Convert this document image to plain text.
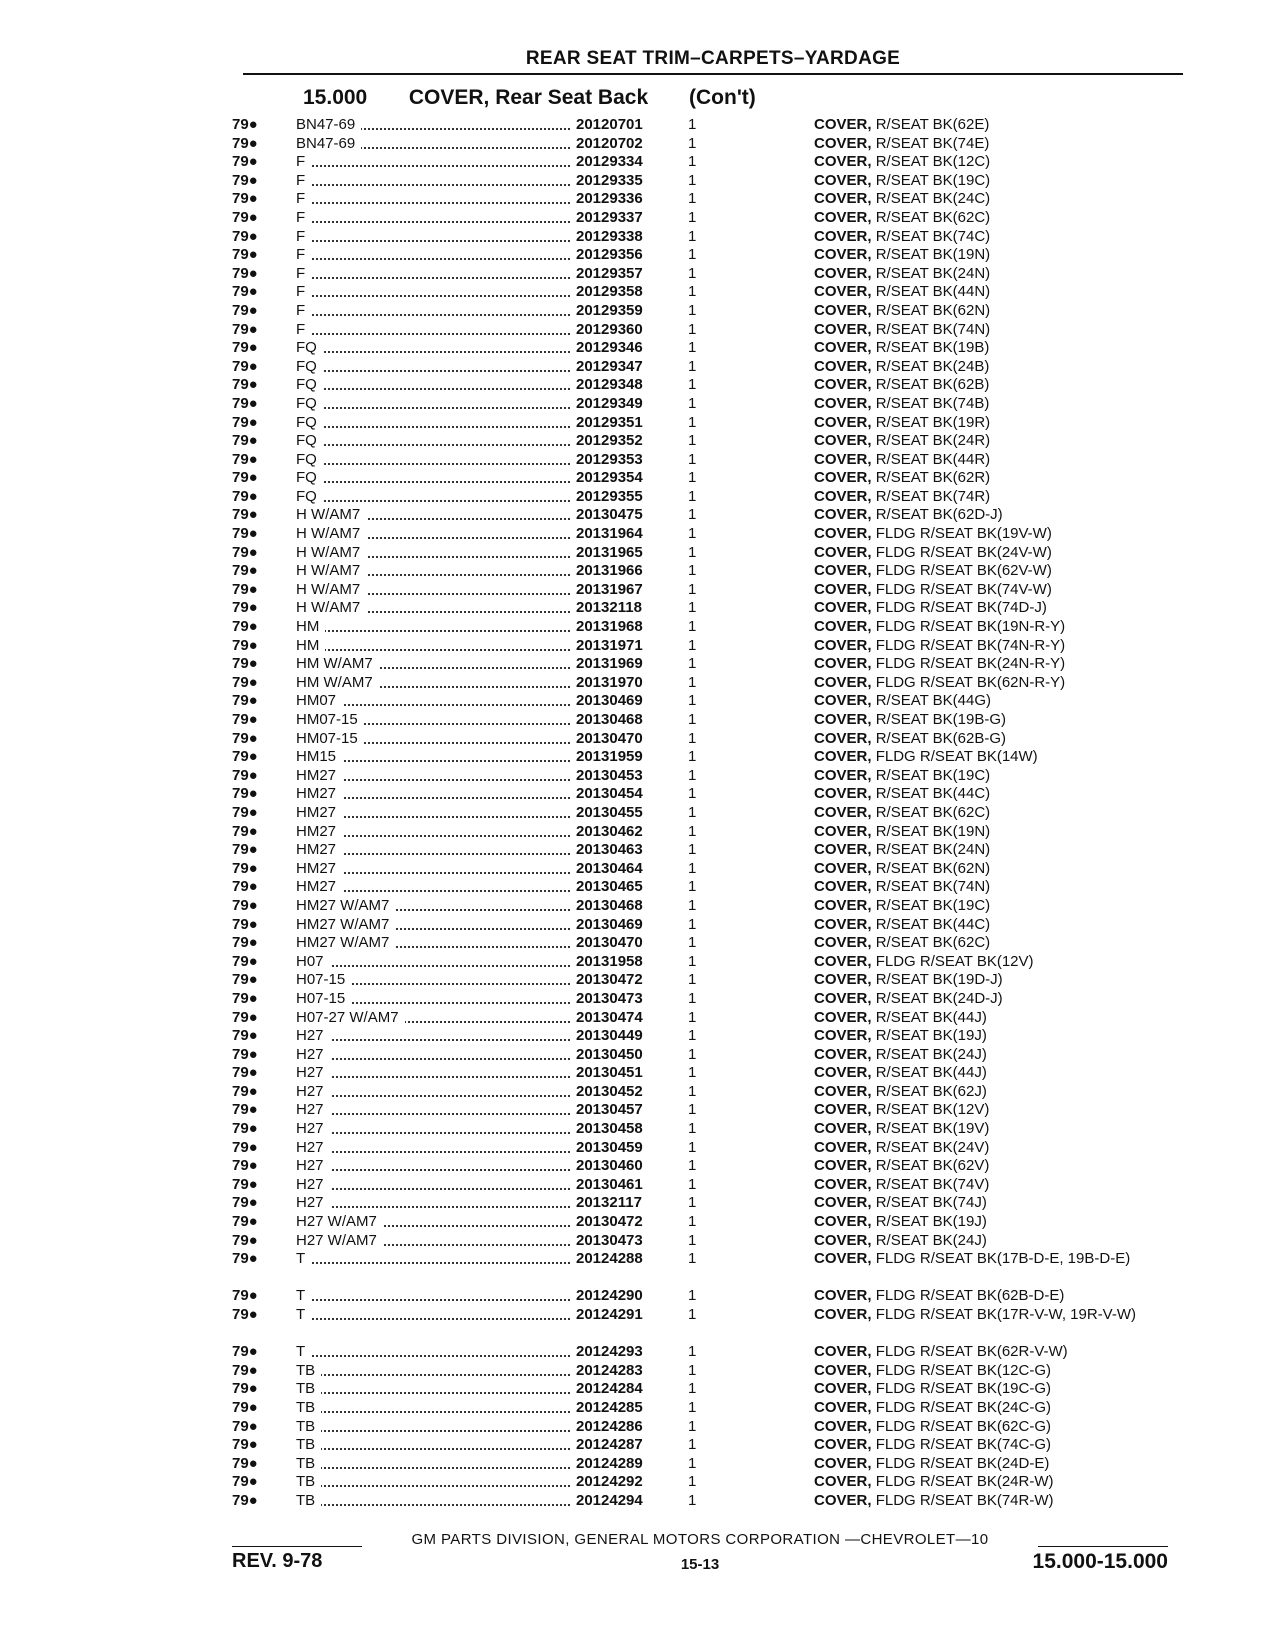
REAR SEAT TRIM–CARPETS–YARDAGE
15.000 COVER, Rear Seat Back (Con't)
79●	BN47-69	20120701	1	COVER, R/SEAT BK(62E)
79●	BN47-69	20120702	1	COVER, R/SEAT BK(74E)
79●	F	20129334	1	COVER, R/SEAT BK(12C)
79●	F	20129335	1	COVER, R/SEAT BK(19C)
79●	F	20129336	1	COVER, R/SEAT BK(24C)
79●	F	20129337	1	COVER, R/SEAT BK(62C)
79●	F	20129338	1	COVER, R/SEAT BK(74C)
79●	F	20129356	1	COVER, R/SEAT BK(19N)
79●	F	20129357	1	COVER, R/SEAT BK(24N)
79●	F	20129358	1	COVER, R/SEAT BK(44N)
79●	F	20129359	1	COVER, R/SEAT BK(62N)
79●	F	20129360	1	COVER, R/SEAT BK(74N)
79●	FQ	20129346	1	COVER, R/SEAT BK(19B)
79●	FQ	20129347	1	COVER, R/SEAT BK(24B)
79●	FQ	20129348	1	COVER, R/SEAT BK(62B)
79●	FQ	20129349	1	COVER, R/SEAT BK(74B)
79●	FQ	20129351	1	COVER, R/SEAT BK(19R)
79●	FQ	20129352	1	COVER, R/SEAT BK(24R)
79●	FQ	20129353	1	COVER, R/SEAT BK(44R)
79●	FQ	20129354	1	COVER, R/SEAT BK(62R)
79●	FQ	20129355	1	COVER, R/SEAT BK(74R)
79●	H W/AM7	20130475	1	COVER, R/SEAT BK(62D-J)
79●	H W/AM7	20131964	1	COVER, FLDG R/SEAT BK(19V-W)
79●	H W/AM7	20131965	1	COVER, FLDG R/SEAT BK(24V-W)
79●	H W/AM7	20131966	1	COVER, FLDG R/SEAT BK(62V-W)
79●	H W/AM7	20131967	1	COVER, FLDG R/SEAT BK(74V-W)
79●	H W/AM7	20132118	1	COVER, FLDG R/SEAT BK(74D-J)
79●	HM	20131968	1	COVER, FLDG R/SEAT BK(19N-R-Y)
79●	HM	20131971	1	COVER, FLDG R/SEAT BK(74N-R-Y)
79●	HM W/AM7	20131969	1	COVER, FLDG R/SEAT BK(24N-R-Y)
79●	HM W/AM7	20131970	1	COVER, FLDG R/SEAT BK(62N-R-Y)
79●	HM07	20130469	1	COVER, R/SEAT BK(44G)
79●	HM07-15	20130468	1	COVER, R/SEAT BK(19B-G)
79●	HM07-15	20130470	1	COVER, R/SEAT BK(62B-G)
79●	HM15	20131959	1	COVER, FLDG R/SEAT BK(14W)
79●	HM27	20130453	1	COVER, R/SEAT BK(19C)
79●	HM27	20130454	1	COVER, R/SEAT BK(44C)
79●	HM27	20130455	1	COVER, R/SEAT BK(62C)
79●	HM27	20130462	1	COVER, R/SEAT BK(19N)
79●	HM27	20130463	1	COVER, R/SEAT BK(24N)
79●	HM27	20130464	1	COVER, R/SEAT BK(62N)
79●	HM27	20130465	1	COVER, R/SEAT BK(74N)
79●	HM27 W/AM7	20130468	1	COVER, R/SEAT BK(19C)
79●	HM27 W/AM7	20130469	1	COVER, R/SEAT BK(44C)
79●	HM27 W/AM7	20130470	1	COVER, R/SEAT BK(62C)
79●	H07	20131958	1	COVER, FLDG R/SEAT BK(12V)
79●	H07-15	20130472	1	COVER, R/SEAT BK(19D-J)
79●	H07-15	20130473	1	COVER, R/SEAT BK(24D-J)
79●	H07-27 W/AM7	20130474	1	COVER, R/SEAT BK(44J)
79●	H27	20130449	1	COVER, R/SEAT BK(19J)
79●	H27	20130450	1	COVER, R/SEAT BK(24J)
79●	H27	20130451	1	COVER, R/SEAT BK(44J)
79●	H27	20130452	1	COVER, R/SEAT BK(62J)
79●	H27	20130457	1	COVER, R/SEAT BK(12V)
79●	H27	20130458	1	COVER, R/SEAT BK(19V)
79●	H27	20130459	1	COVER, R/SEAT BK(24V)
79●	H27	20130460	1	COVER, R/SEAT BK(62V)
79●	H27	20130461	1	COVER, R/SEAT BK(74V)
79●	H27	20132117	1	COVER, R/SEAT BK(74J)
79●	H27 W/AM7	20130472	1	COVER, R/SEAT BK(19J)
79●	H27 W/AM7	20130473	1	COVER, R/SEAT BK(24J)
79●	T	20124288	1	COVER, FLDG R/SEAT BK(17B-D-E, 19B-D-E)
79●	T	20124290	1	COVER, FLDG R/SEAT BK(62B-D-E)
79●	T	20124291	1	COVER, FLDG R/SEAT BK(17R-V-W, 19R-V-W)
79●	T	20124293	1	COVER, FLDG R/SEAT BK(62R-V-W)
79●	TB	20124283	1	COVER, FLDG R/SEAT BK(12C-G)
79●	TB	20124284	1	COVER, FLDG R/SEAT BK(19C-G)
79●	TB	20124285	1	COVER, FLDG R/SEAT BK(24C-G)
79●	TB	20124286	1	COVER, FLDG R/SEAT BK(62C-G)
79●	TB	20124287	1	COVER, FLDG R/SEAT BK(74C-G)
79●	TB	20124289	1	COVER, FLDG R/SEAT BK(24D-E)
79●	TB	20124292	1	COVER, FLDG R/SEAT BK(24R-W)
79●	TB	20124294	1	COVER, FLDG R/SEAT BK(74R-W)
GM PARTS DIVISION, GENERAL MOTORS CORPORATION —CHEVROLET—10
REV. 9-78	15-13	15.000-15.000
